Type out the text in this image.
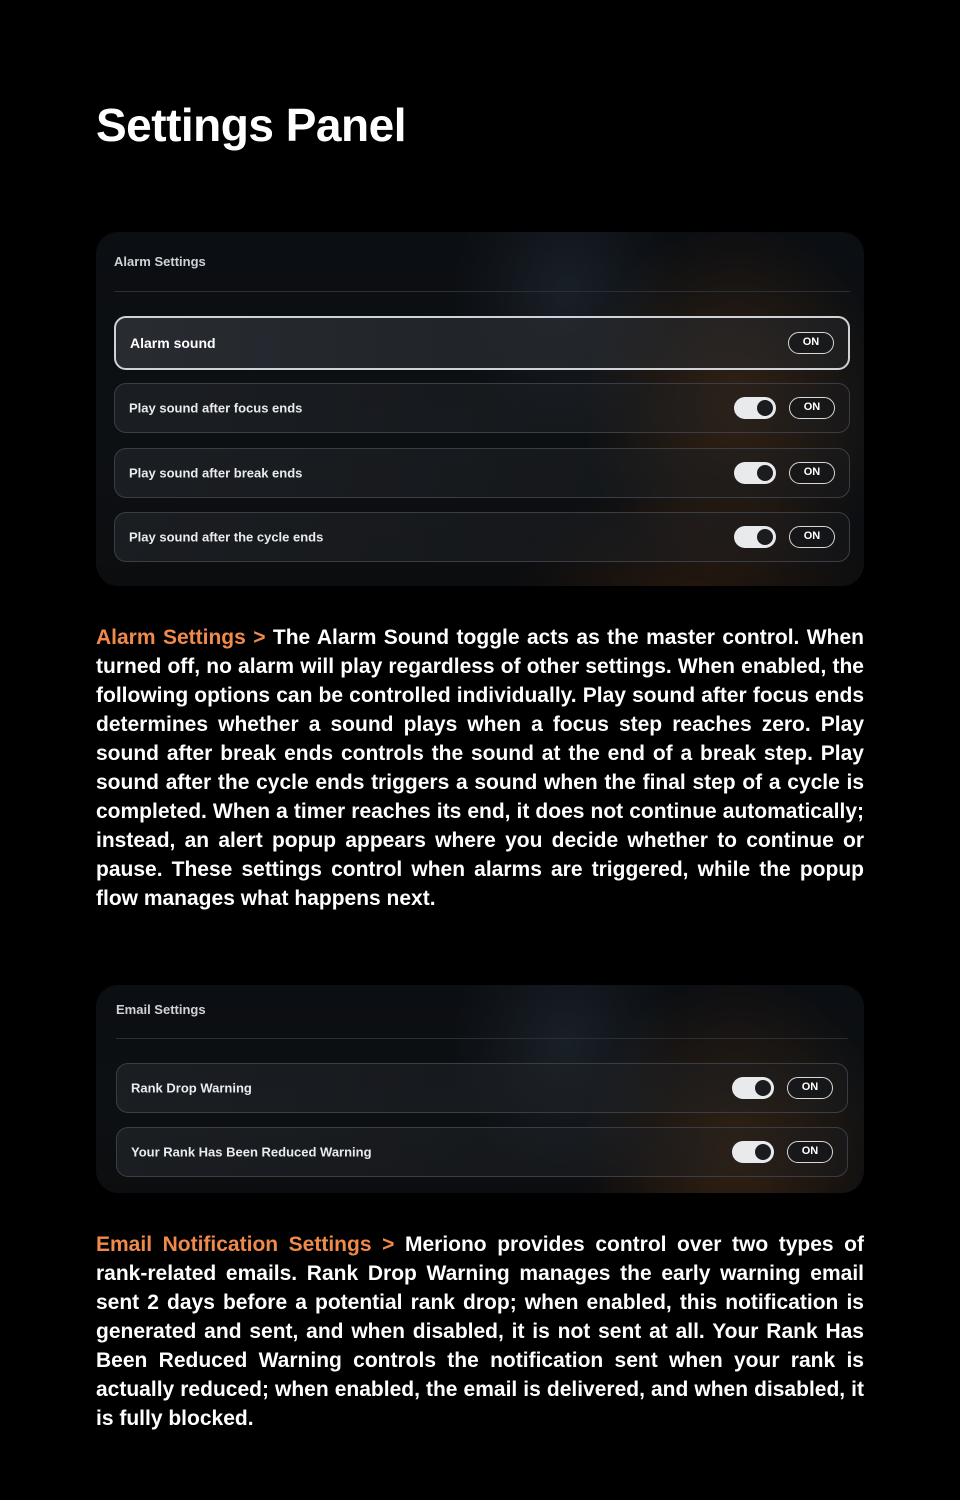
Settings Panel
Alarm Settings
Alarm sound	ON
Play sound after focus ends	ON
Play sound after break ends	ON
Play sound after the cycle ends	ON

Alarm Settings > The Alarm Sound toggle acts as the master control. When turned off, no alarm will play regardless of other settings. When enabled, the following options can be controlled individually. Play sound after focus ends determines whether a sound plays when a focus step reaches zero. Play sound after break ends controls the sound at the end of a break step. Play sound after the cycle ends triggers a sound when the final step of a cycle is completed. When a timer reaches its end, it does not continue automatically; instead, an alert popup appears where you decide whether to continue or pause. These settings control when alarms are triggered, while the popup flow manages what happens next.

Email Settings
Rank Drop Warning	ON
Your Rank Has Been Reduced Warning	ON

Email Notification Settings > Meriono provides control over two types of rank-related emails. Rank Drop Warning manages the early warning email sent 2 days before a potential rank drop; when enabled, this notification is generated and sent, and when disabled, it is not sent at all. Your Rank Has Been Reduced Warning controls the notification sent when your rank is actually reduced; when enabled, the email is delivered, and when disabled, it is fully blocked.
